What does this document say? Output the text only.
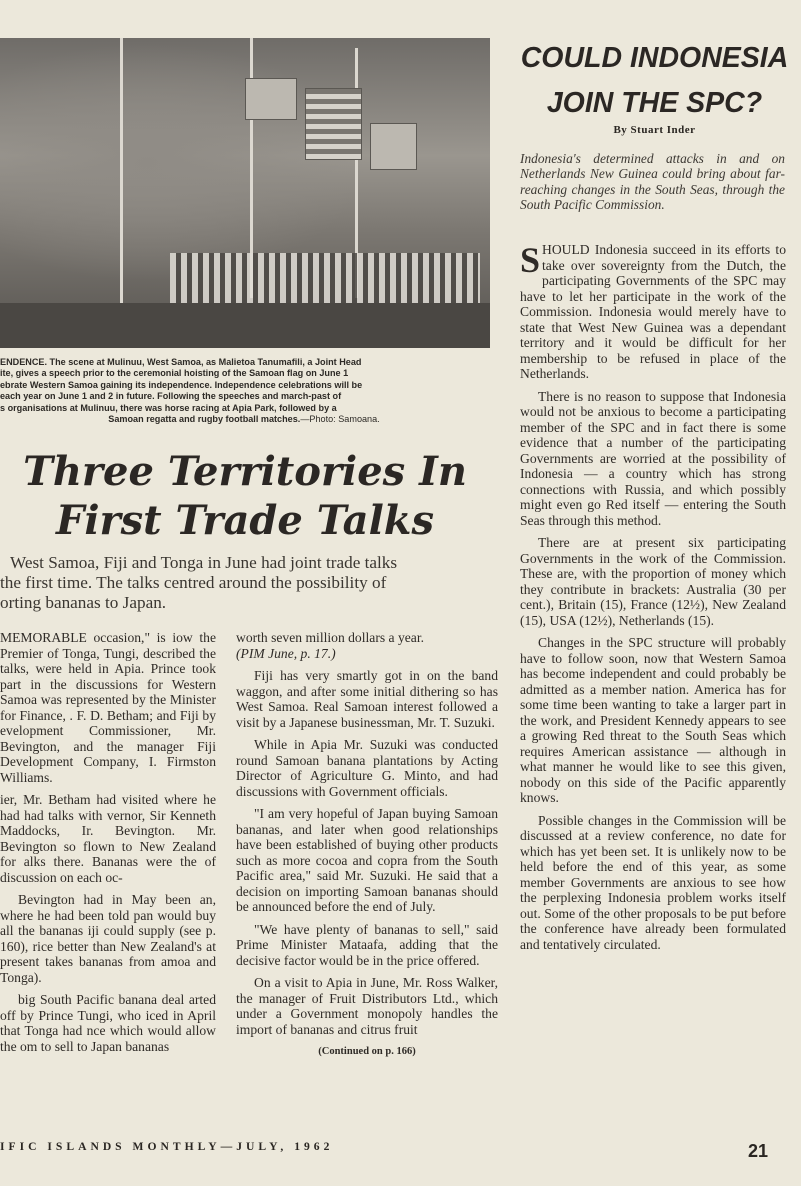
ENDENCE. The scene at Mulinuu, West Samoa, as Malietoa Tanumafili, a Joint Head
ite, gives a speech prior to the ceremonial hoisting of the Samoan flag on June 1
ebrate Western Samoa gaining its independence. Independence celebrations will be
each year on June 1 and 2 in future. Following the speeches and march-past of
s organisations at Mulinuu, there was horse racing at Apia Park, followed by a
Samoan regatta and rugby football matches.—Photo: Samoana.
Three Territories In
First Trade Talks
West Samoa, Fiji and Tonga in June had joint trade talks
the first time. The talks centred around the possibility of
orting bananas to Japan.

MEMORABLE occasion," is iow the Premier of Tonga, Tungi, described the talks, were held in Apia. Prince took part in the discussions for Western Samoa was represented by the Minister for Finance, . F. D. Betham; and Fiji by evelopment Commissioner, Mr. Bevington, and the manager Fiji Development Company, I. Firmston Williams.

ier, Mr. Betham had visited where he had had talks with vernor, Sir Kenneth Maddocks, Ir. Bevington. Mr. Bevington so flown to New Zealand for alks there. Bananas were the of discussion on each oc-

Bevington had in May been an, where he had been told pan would buy all the bananas iji could supply (see p. 160), rice better than New Zealand's at present takes bananas from amoa and Tonga).

big South Pacific banana deal arted off by Prince Tungi, who iced in April that Tonga had nce which would allow the om to sell to Japan bananas

worth seven million dollars a year.
(PIM June, p. 17.)

Fiji has very smartly got in on the band waggon, and after some initial dithering so has West Samoa. Real Samoan interest followed a visit by a Japanese businessman, Mr. T. Suzuki.

While in Apia Mr. Suzuki was conducted round Samoan banana plantations by Acting Director of Agriculture G. Minto, and had discussions with Government officials.

"I am very hopeful of Japan buying Samoan bananas, and later when good relationships have been established of buying other products such as more cocoa and copra from the South Pacific area," said Mr. Suzuki. He said that a decision on importing Samoan bananas should be announced before the end of July.

"We have plenty of bananas to sell," said Prime Minister Mataafa, adding that the decisive factor would be in the price offered.

On a visit to Apia in June, Mr. Ross Walker, the manager of Fruit Distributors Ltd., which under a Government monopoly handles the import of bananas and citrus fruit

(Continued on p. 166)
COULD INDONESIA
JOIN THE SPC?
By Stuart Inder
Indonesia's determined attacks in and on Netherlands New Guinea could bring about far-reaching changes in the South Seas, through the South Pacific Commission.

SHOULD Indonesia succeed in its efforts to take over sovereignty from the Dutch, the participating Governments of the SPC may have to let her participate in the work of the Commission. Indonesia would merely have to state that West New Guinea was a dependant territory and it would be difficult for her membership to be refused in place of the Netherlands.

There is no reason to suppose that Indonesia would not be anxious to become a participating member of the SPC and in fact there is some evidence that a number of the participating Governments are worried at the possibility of Indonesia — a country which has strong connections with Russia, and which possibly might even go Red itself — entering the South Seas through this method.

There are at present six participating Governments in the work of the Commission. These are, with the proportion of money which they contribute in brackets: Australia (30 per cent.), Britain (15), France (12½), New Zealand (15), USA (12½), Netherlands (15).

Changes in the SPC structure will probably have to follow soon, now that Western Samoa has become independent and could probably be admitted as a member nation. America has for some time been wanting to take a larger part in the work, and President Kennedy appears to see a growing Red threat to the South Seas which requires American assistance — although in what manner he would like to see this given, nobody on this side of the Pacific apparently knows.

Possible changes in the Commission will be discussed at a review conference, no date for which has yet been set. It is unlikely now to be held before the end of this year, as some member Governments are anxious to see how the perplexing Indonesia problem works itself out. Some of the other proposals to be put before the conference have already been formulated and tentatively circulated.

IFIC ISLANDS MONTHLY—JULY, 1962	21
